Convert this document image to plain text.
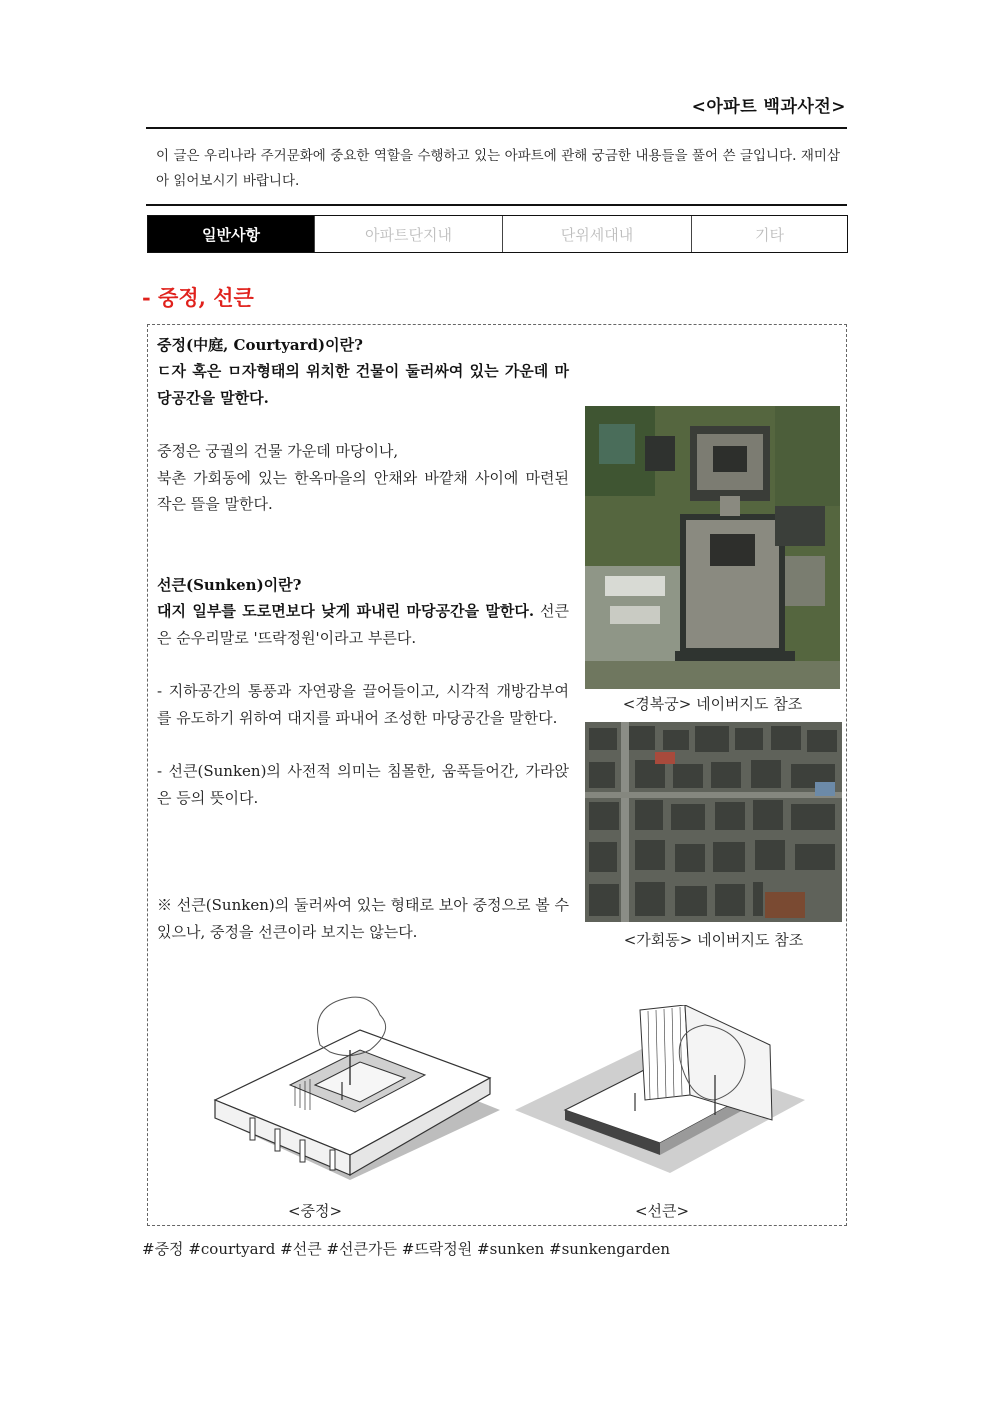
<아파트 백과사전>
이 글은 우리나라 주거문화에 중요한 역할을 수행하고 있는 아파트에 관해 궁금한 내용들을 풀어 쓴 글입니다. 재미삼아 읽어보시기 바랍니다.
일반사항	아파트단지내	단위세대내	기타
- 중정, 선큰
중정(中庭, Courtyard)이란?
ㄷ자 혹은 ㅁ자형태의 위치한 건물이 둘러싸여 있는 가운데 마당공간을 말한다.
중정은 궁궐의 건물 가운데 마당이나,
북촌 가회동에 있는 한옥마을의 안채와 바깥채 사이에 마련된 작은 뜰을 말한다.
선큰(Sunken)이란?
대지 일부를 도로면보다 낮게 파내린 마당공간을 말한다. 선큰은 순우리말로 '뜨락정원'이라고 부른다.
- 지하공간의 통풍과 자연광을 끌어들이고, 시각적 개방감부여를 유도하기 위하여 대지를 파내어 조성한 마당공간을 말한다.
- 선큰(Sunken)의 사전적 의미는 침몰한, 움푹들어간, 가라앉은 등의 뜻이다.
※ 선큰(Sunken)의 둘러싸여 있는 형태로 보아 중정으로 볼 수 있으나, 중정을 선큰이라 보지는 않는다.
<경복궁> 네이버지도 참조
<가회동> 네이버지도 참조
<중정>	<선큰>
#중정 #courtyard #선큰 #선큰가든 #뜨락정원 #sunken #sunkengarden
